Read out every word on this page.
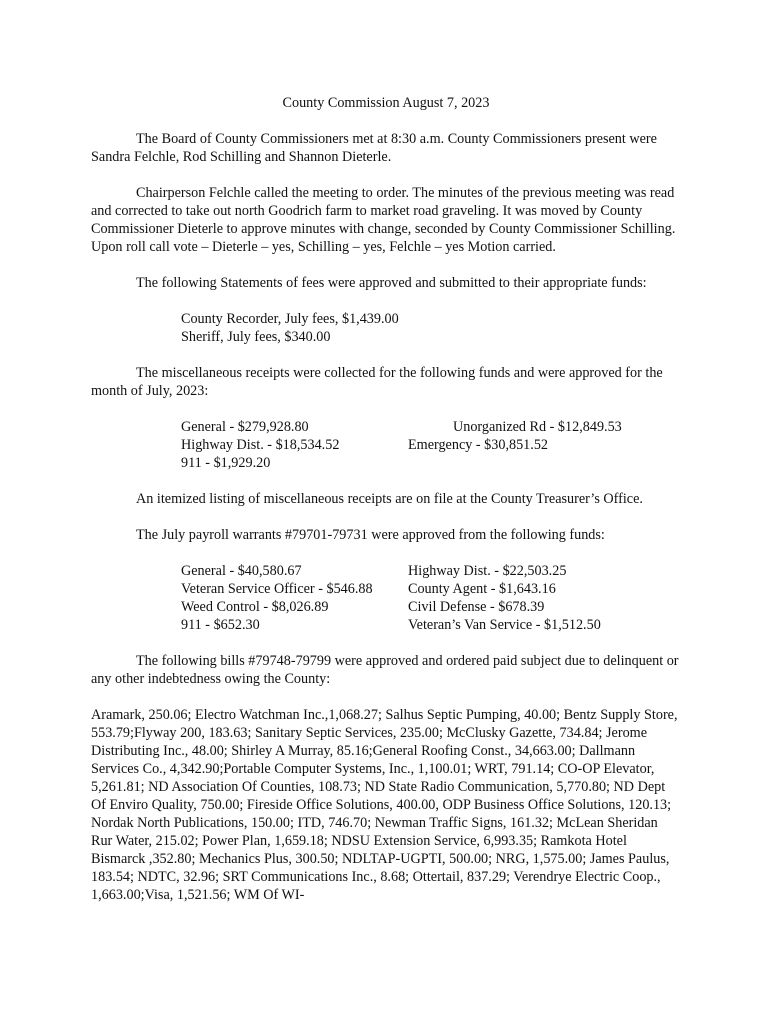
County Commission August 7, 2023

The Board of County Commissioners met at 8:30 a.m. County Commissioners present were Sandra Felchle, Rod Schilling and Shannon Dieterle.

Chairperson Felchle called the meeting to order. The minutes of the previous meeting was read and corrected to take out north Goodrich farm to market road graveling. It was moved by County Commissioner Dieterle to approve minutes with change, seconded by County Commissioner Schilling. Upon roll call vote – Dieterle – yes, Schilling – yes, Felchle – yes Motion carried.

The following Statements of fees were approved and submitted to their appropriate funds:

County Recorder, July fees, $1,439.00
Sheriff, July fees, $340.00

The miscellaneous receipts were collected for the following funds and were approved for the month of July, 2023:

General - $279,928.80	Unorganized Rd - $12,849.53
Highway Dist. - $18,534.52	Emergency - $30,851.52
911 - $1,929.20

An itemized listing of miscellaneous receipts are on file at the County Treasurer’s Office.

The July payroll warrants #79701-79731 were approved from the following funds:

General - $40,580.67	Highway Dist. - $22,503.25
Veteran Service Officer - $546.88	County Agent - $1,643.16
Weed Control - $8,026.89	Civil Defense - $678.39
911 - $652.30	Veteran’s Van Service - $1,512.50

The following bills #79748-79799 were approved and ordered paid subject due to delinquent or any other indebtedness owing the County:

Aramark, 250.06; Electro Watchman Inc.,1,068.27; Salhus Septic Pumping, 40.00; Bentz Supply Store, 553.79;Flyway 200, 183.63; Sanitary Septic Services, 235.00; McClusky Gazette, 734.84; Jerome Distributing Inc., 48.00; Shirley A Murray, 85.16;General Roofing Const., 34,663.00; Dallmann Services Co., 4,342.90;Portable Computer Systems, Inc., 1,100.01; WRT, 791.14; CO-OP Elevator, 5,261.81; ND Association Of Counties, 108.73; ND State Radio Communication, 5,770.80; ND Dept Of Enviro Quality, 750.00; Fireside Office Solutions, 400.00, ODP Business Office Solutions, 120.13; Nordak North Publications, 150.00; ITD, 746.70; Newman Traffic Signs, 161.32; McLean Sheridan Rur Water, 215.02; Power Plan, 1,659.18; NDSU Extension Service, 6,993.35; Ramkota Hotel Bismarck ,352.80; Mechanics Plus, 300.50; NDLTAP-UGPTI, 500.00; NRG, 1,575.00; James Paulus, 183.54; NDTC, 32.96; SRT Communications Inc., 8.68; Ottertail, 837.29; Verendrye Electric Coop., 1,663.00;Visa, 1,521.56; WM Of WI-
